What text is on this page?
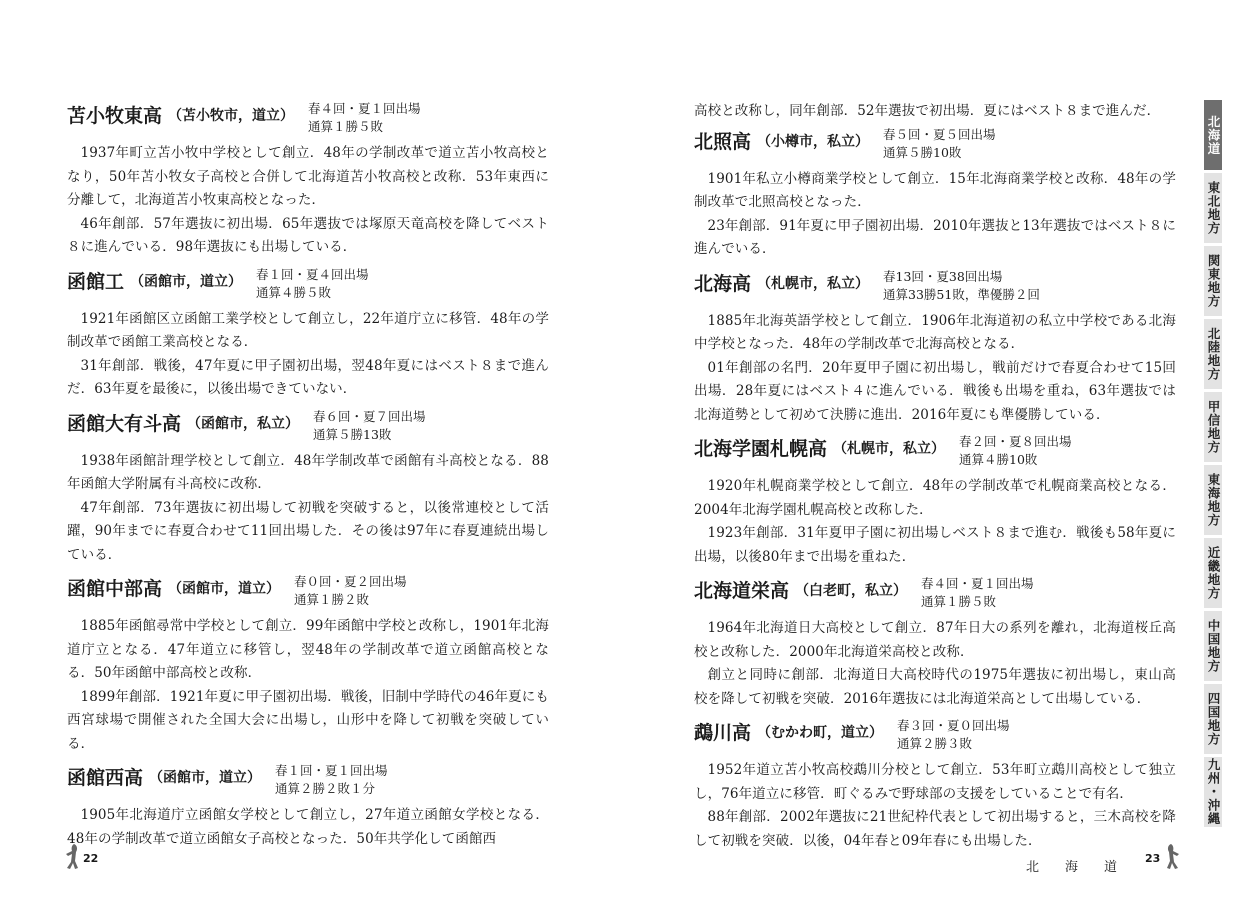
苫小牧東高 （苫小牧市，道立） 春４回・夏１回出場
通算１勝５敗

1937年町立苫小牧中学校として創立．48年の学制改革で道立苫小牧高校となり，50年苫小牧女子高校と合併して北海道苫小牧高校と改称．53年東西に分離して，北海道苫小牧東高校となった．

46年創部．57年選抜に初出場．65年選抜では塚原天竜高校を降してベスト８に進んでいる．98年選抜にも出場している．

函館工 （函館市，道立） 春１回・夏４回出場
通算４勝５敗

1921年函館区立函館工業学校として創立し，22年道庁立に移管．48年の学制改革で函館工業高校となる．

31年創部．戦後，47年夏に甲子園初出場，翌48年夏にはベスト８まで進んだ．63年夏を最後に，以後出場できていない．

函館大有斗高 （函館市，私立） 春６回・夏７回出場
通算５勝13敗

1938年函館計理学校として創立．48年学制改革で函館有斗高校となる．88年函館大学附属有斗高校に改称．

47年創部．73年選抜に初出場して初戦を突破すると，以後常連校として活躍，90年までに春夏合わせて11回出場した．その後は97年に春夏連続出場している．

函館中部高 （函館市，道立） 春０回・夏２回出場
通算１勝２敗

1885年函館尋常中学校として創立．99年函館中学校と改称し，1901年北海道庁立となる．47年道立に移管し，翌48年の学制改革で道立函館高校となる．50年函館中部高校と改称．

1899年創部．1921年夏に甲子園初出場．戦後，旧制中学時代の46年夏にも西宮球場で開催された全国大会に出場し，山形中を降して初戦を突破している．

函館西高 （函館市，道立） 春１回・夏１回出場
通算２勝２敗１分

1905年北海道庁立函館女学校として創立し，27年道立函館女学校となる．48年の学制改革で道立函館女子高校となった．50年共学化して函館西

高校と改称し，同年創部．52年選抜で初出場．夏にはベスト８まで進んだ．

北照高 （小樽市，私立） 春５回・夏５回出場
通算５勝10敗

1901年私立小樽商業学校として創立．15年北海商業学校と改称．48年の学制改革で北照高校となった．

23年創部．91年夏に甲子園初出場．2010年選抜と13年選抜ではベスト８に進んでいる．

北海高 （札幌市，私立） 春13回・夏38回出場
通算33勝51敗，準優勝２回

1885年北海英語学校として創立．1906年北海道初の私立中学校である北海中学校となった．48年の学制改革で北海高校となる．

01年創部の名門．20年夏甲子園に初出場し，戦前だけで春夏合わせて15回出場．28年夏にはベスト４に進んでいる．戦後も出場を重ね，63年選抜では北海道勢として初めて決勝に進出．2016年夏にも準優勝している．

北海学園札幌高 （札幌市，私立） 春２回・夏８回出場
通算４勝10敗

1920年札幌商業学校として創立．48年の学制改革で札幌商業高校となる．2004年北海学園札幌高校と改称した．

1923年創部．31年夏甲子園に初出場しベスト８まで進む．戦後も58年夏に出場，以後80年まで出場を重ねた．

北海道栄高 （白老町，私立） 春４回・夏１回出場
通算１勝５敗

1964年北海道日大高校として創立．87年日大の系列を離れ，北海道桜丘高校と改称した．2000年北海道栄高校と改称．

創立と同時に創部．北海道日大高校時代の1975年選抜に初出場し，東山高校を降して初戦を突破．2016年選抜には北海道栄高として出場している．

鵡川高 （むかわ町，道立） 春３回・夏０回出場
通算２勝３敗

1952年道立苫小牧高校鵡川分校として創立．53年町立鵡川高校として独立し，76年道立に移管．町ぐるみで野球部の支援をしていることで有名．

88年創部．2002年選抜に21世紀枠代表として初出場すると，三木高校を降して初戦を突破．以後，04年春と09年春にも出場した．

22
北海道
23
北海道
東北地方
関東地方
北陸地方
甲信地方
東海地方
近畿地方
中国地方
四国地方
九州・沖縄
